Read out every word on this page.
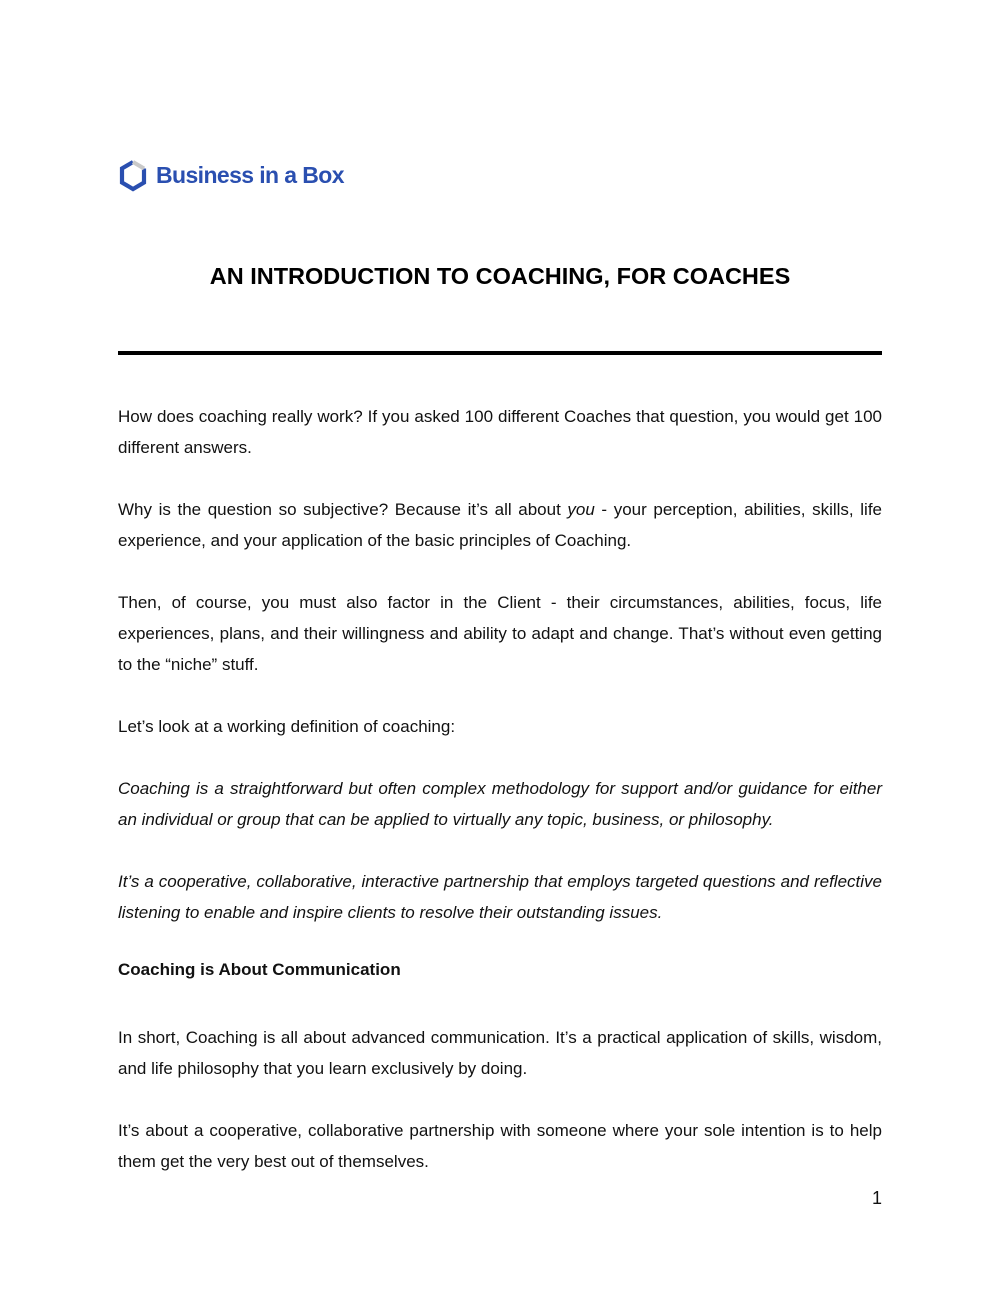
Business in a Box
AN INTRODUCTION TO COACHING, FOR COACHES

How does coaching really work? If you asked 100 different Coaches that question, you would get 100 different answers.

Why is the question so subjective? Because it’s all about you - your perception, abilities, skills, life experience, and your application of the basic principles of Coaching.

Then, of course, you must also factor in the Client - their circumstances, abilities, focus, life experiences, plans, and their willingness and ability to adapt and change. That’s without even getting to the “niche” stuff.

Let’s look at a working definition of coaching:

Coaching is a straightforward but often complex methodology for support and/or guidance for either an individual or group that can be applied to virtually any topic, business, or philosophy.

It’s a cooperative, collaborative, interactive partnership that employs targeted questions and reflective listening to enable and inspire clients to resolve their outstanding issues.

Coaching is About Communication

In short, Coaching is all about advanced communication. It’s a practical application of skills, wisdom, and life philosophy that you learn exclusively by doing.

It’s about a cooperative, collaborative partnership with someone where your sole intention is to help them get the very best out of themselves.

1
